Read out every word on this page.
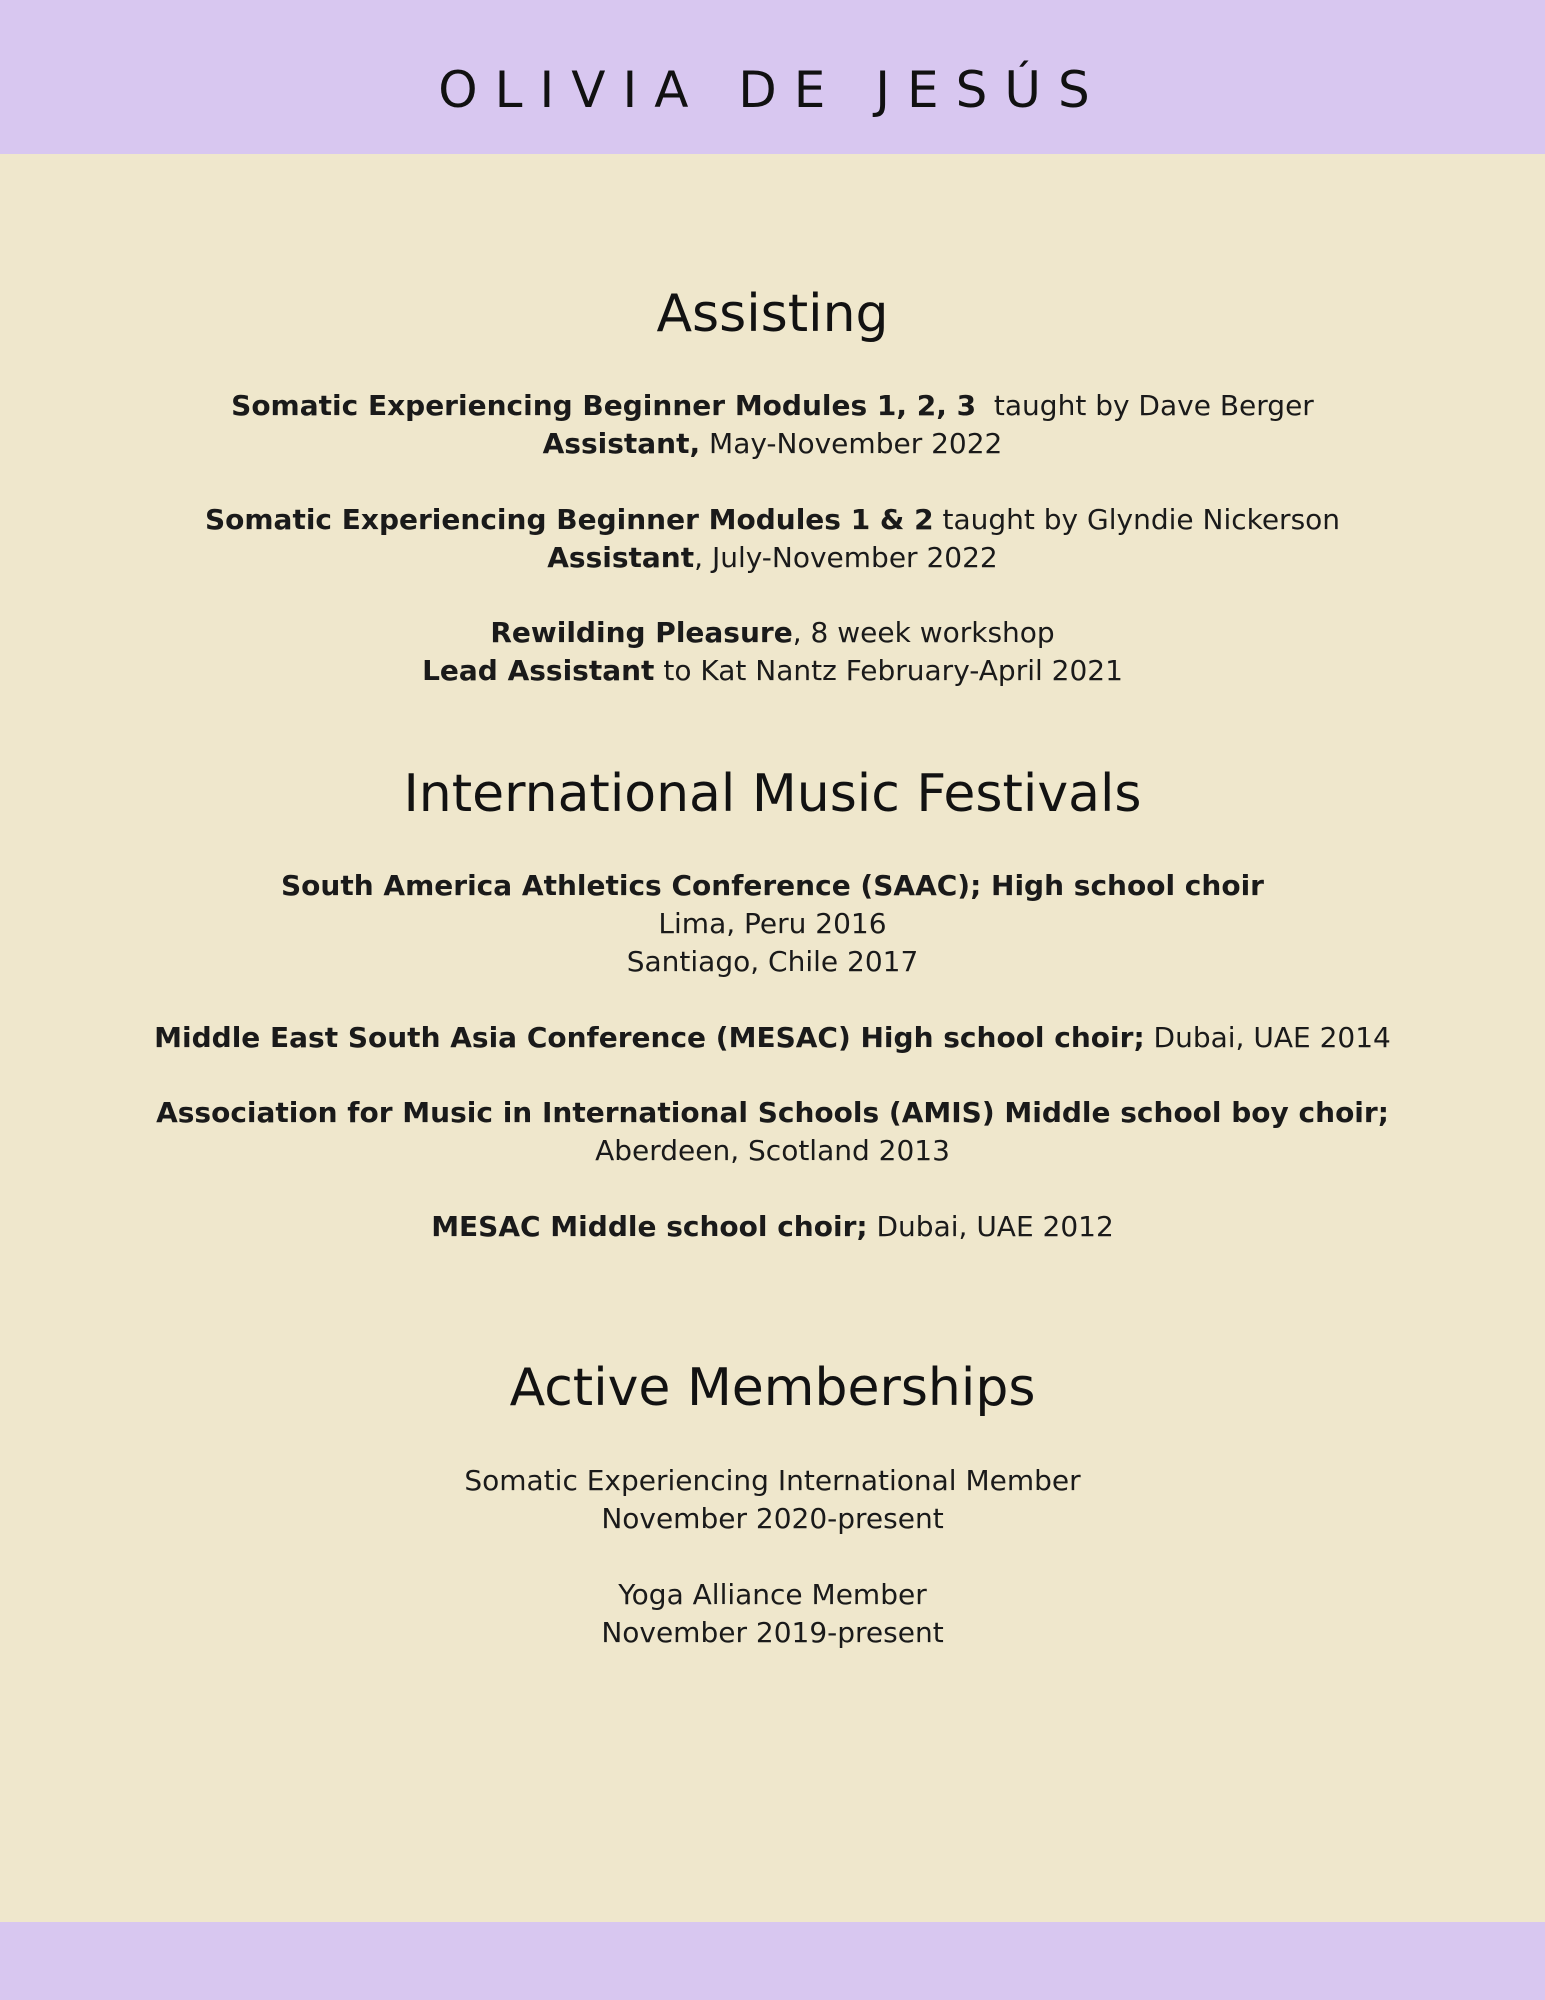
OLIVIA DE JESÚS
Assisting
Somatic Experiencing Beginner Modules 1, 2, 3  taught by Dave Berger
Assistant, May-November 2022
Somatic Experiencing Beginner Modules 1 & 2 taught by Glyndie Nickerson
Assistant, July-November 2022
Rewilding Pleasure, 8 week workshop
Lead Assistant to Kat Nantz February-April 2021
International Music Festivals
South America Athletics Conference (SAAC); High school choir
Lima, Peru 2016
Santiago, Chile 2017
Middle East South Asia Conference (MESAC) High school choir; Dubai, UAE 2014
Association for Music in International Schools (AMIS) Middle school boy choir;
Aberdeen, Scotland 2013
MESAC Middle school choir; Dubai, UAE 2012
Active Memberships
Somatic Experiencing International Member
November 2020-present
Yoga Alliance Member
November 2019-present
